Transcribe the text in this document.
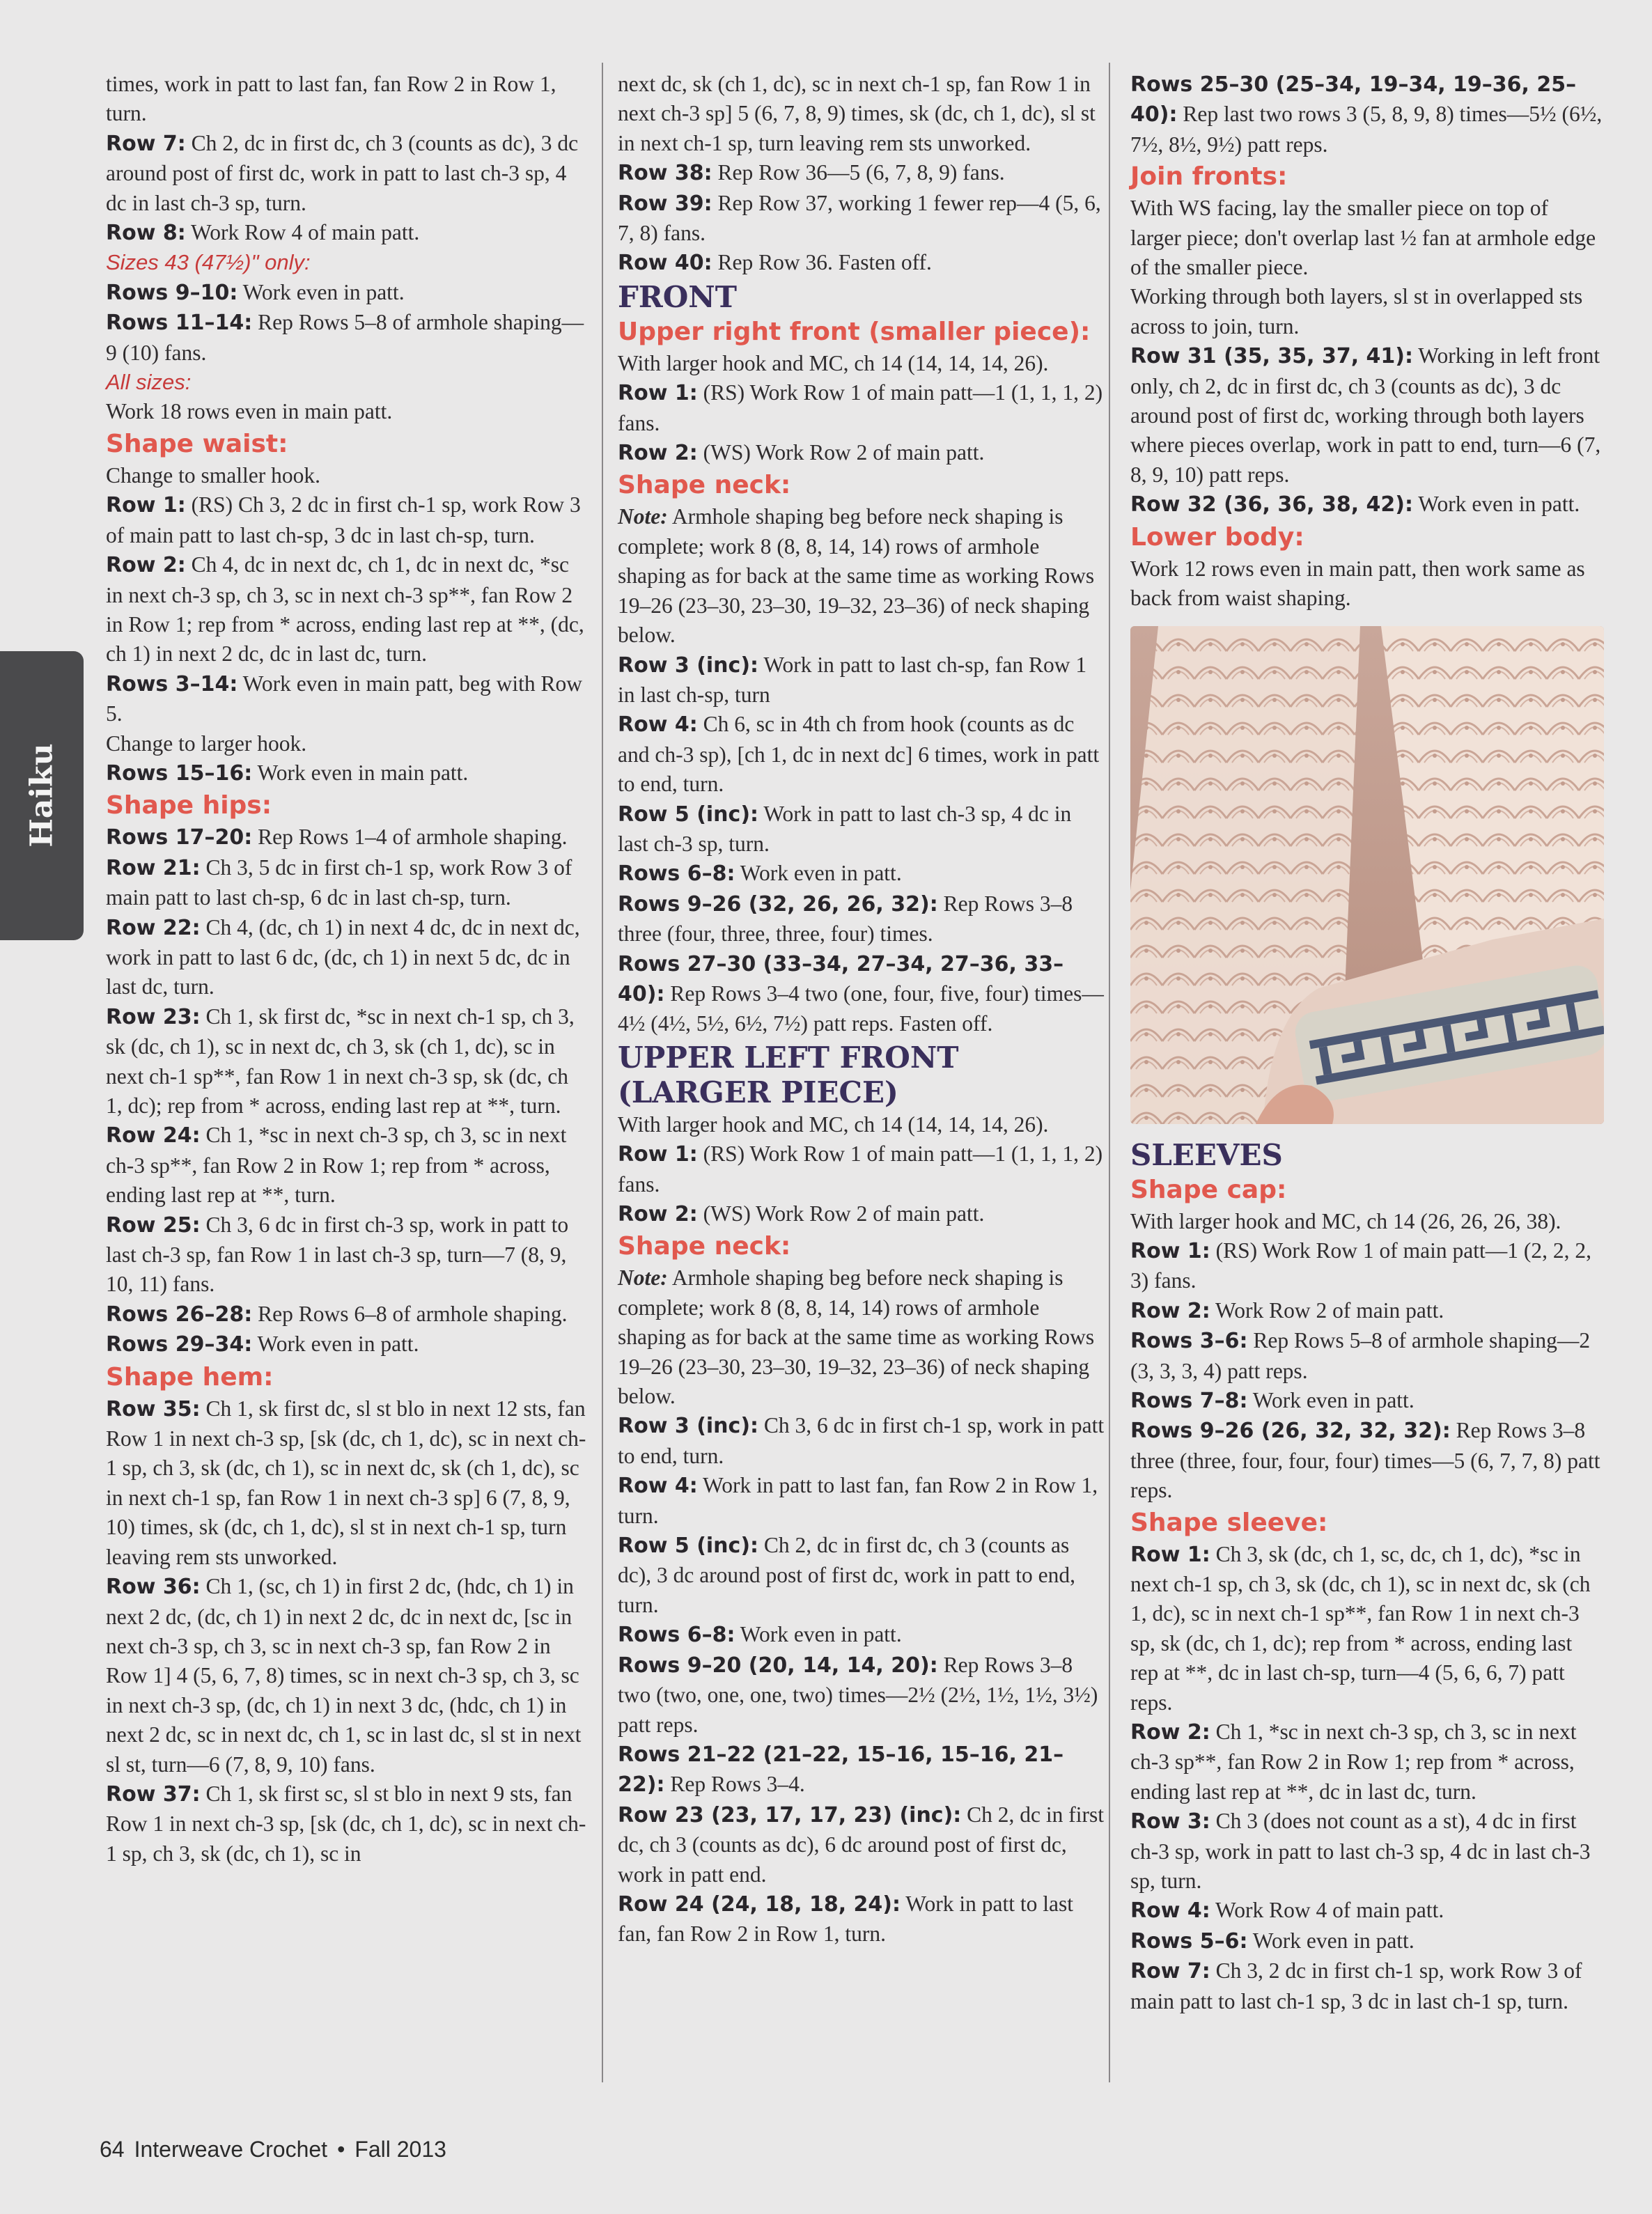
Haiku
times, work in patt to last fan, fan Row 2 in Row 1, turn.
Row 7: Ch 2, dc in first dc, ch 3 (counts as dc), 3 dc around post of first dc, work in patt to last ch-3 sp, 4 dc in last ch-3 sp, turn.
Row 8: Work Row 4 of main patt.
Sizes 43 (47½)" only:
Rows 9–10: Work even in patt.
Rows 11–14: Rep Rows 5–8 of armhole shaping—9 (10) fans.
All sizes:
Work 18 rows even in main patt.
Shape waist:
Change to smaller hook.
Row 1: (RS) Ch 3, 2 dc in first ch-1 sp, work Row 3 of main patt to last ch-sp, 3 dc in last ch-sp, turn.
Row 2: Ch 4, dc in next dc, ch 1, dc in next dc, *sc in next ch-3 sp, ch 3, sc in next ch-3 sp**, fan Row 2 in Row 1; rep from * across, ending last rep at **, (dc, ch 1) in next 2 dc, dc in last dc, turn.
Rows 3–14: Work even in main patt, beg with Row 5.
Change to larger hook.
Rows 15–16: Work even in main patt.
Shape hips:
Rows 17–20: Rep Rows 1–4 of armhole shaping.
Row 21: Ch 3, 5 dc in first ch-1 sp, work Row 3 of main patt to last ch-sp, 6 dc in last ch-sp, turn.
Row 22: Ch 4, (dc, ch 1) in next 4 dc, dc in next dc, work in patt to last 6 dc, (dc, ch 1) in next 5 dc, dc in last dc, turn.
Row 23: Ch 1, sk first dc, *sc in next ch-1 sp, ch 3, sk (dc, ch 1), sc in next dc, ch 3, sk (ch 1, dc), sc in next ch-1 sp**, fan Row 1 in next ch-3 sp, sk (dc, ch 1, dc); rep from * across, ending last rep at **, turn.
Row 24: Ch 1, *sc in next ch-3 sp, ch 3, sc in next ch-3 sp**, fan Row 2 in Row 1; rep from * across, ending last rep at **, turn.
Row 25: Ch 3, 6 dc in first ch-3 sp, work in patt to last ch-3 sp, fan Row 1 in last ch-3 sp, turn—7 (8, 9, 10, 11) fans.
Rows 26–28: Rep Rows 6–8 of armhole shaping.
Rows 29–34: Work even in patt.
Shape hem:
Row 35: Ch 1, sk first dc, sl st blo in next 12 sts, fan Row 1 in next ch-3 sp, [sk (dc, ch 1, dc), sc in next ch-1 sp, ch 3, sk (dc, ch 1), sc in next dc, sk (ch 1, dc), sc in next ch-1 sp, fan Row 1 in next ch-3 sp] 6 (7, 8, 9, 10) times, sk (dc, ch 1, dc), sl st in next ch-1 sp, turn leaving rem sts unworked.
Row 36: Ch 1, (sc, ch 1) in first 2 dc, (hdc, ch 1) in next 2 dc, (dc, ch 1) in next 2 dc, dc in next dc, [sc in next ch-3 sp, ch 3, sc in next ch-3 sp, fan Row 2 in Row 1] 4 (5, 6, 7, 8) times, sc in next ch-3 sp, ch 3, sc in next ch-3 sp, (dc, ch 1) in next 3 dc, (hdc, ch 1) in next 2 dc, sc in next dc, ch 1, sc in last dc, sl st in next sl st, turn—6 (7, 8, 9, 10) fans.
Row 37: Ch 1, sk first sc, sl st blo in next 9 sts, fan Row 1 in next ch-3 sp, [sk (dc, ch 1, dc), sc in next ch-1 sp, ch 3, sk (dc, ch 1), sc in
next dc, sk (ch 1, dc), sc in next ch-1 sp, fan Row 1 in next ch-3 sp] 5 (6, 7, 8, 9) times, sk (dc, ch 1, dc), sl st in next ch-1 sp, turn leaving rem sts unworked.
Row 38: Rep Row 36—5 (6, 7, 8, 9) fans.
Row 39: Rep Row 37, working 1 fewer rep—4 (5, 6, 7, 8) fans.
Row 40: Rep Row 36. Fasten off.
FRONT
Upper right front (smaller piece):
With larger hook and MC, ch 14 (14, 14, 14, 26).
Row 1: (RS) Work Row 1 of main patt—1 (1, 1, 1, 2) fans.
Row 2: (WS) Work Row 2 of main patt.
Shape neck:
Note: Armhole shaping beg before neck shaping is complete; work 8 (8, 8, 14, 14) rows of armhole shaping as for back at the same time as working Rows 19–26 (23–30, 23–30, 19–32, 23–36) of neck shaping below.
Row 3 (inc): Work in patt to last ch-sp, fan Row 1 in last ch-sp, turn
Row 4: Ch 6, sc in 4th ch from hook (counts as dc and ch-3 sp), [ch 1, dc in next dc] 6 times, work in patt to end, turn.
Row 5 (inc): Work in patt to last ch-3 sp, 4 dc in last ch-3 sp, turn.
Rows 6–8: Work even in patt.
Rows 9–26 (32, 26, 26, 32): Rep Rows 3–8 three (four, three, three, four) times.
Rows 27–30 (33–34, 27–34, 27–36, 33–40): Rep Rows 3–4 two (one, four, five, four) times—4½ (4½, 5½, 6½, 7½) patt reps. Fasten off.
UPPER LEFT FRONT (LARGER PIECE)
With larger hook and MC, ch 14 (14, 14, 14, 26).
Row 1: (RS) Work Row 1 of main patt—1 (1, 1, 1, 2) fans.
Row 2: (WS) Work Row 2 of main patt.
Shape neck:
Note: Armhole shaping beg before neck shaping is complete; work 8 (8, 8, 14, 14) rows of armhole shaping as for back at the same time as working Rows 19–26 (23–30, 23–30, 19–32, 23–36) of neck shaping below.
Row 3 (inc): Ch 3, 6 dc in first ch-1 sp, work in patt to end, turn.
Row 4: Work in patt to last fan, fan Row 2 in Row 1, turn.
Row 5 (inc): Ch 2, dc in first dc, ch 3 (counts as dc), 3 dc around post of first dc, work in patt to end, turn.
Rows 6–8: Work even in patt.
Rows 9–20 (20, 14, 14, 20): Rep Rows 3–8 two (two, one, one, two) times—2½ (2½, 1½, 1½, 3½) patt reps.
Rows 21–22 (21–22, 15–16, 15–16, 21–22): Rep Rows 3–4.
Row 23 (23, 17, 17, 23) (inc): Ch 2, dc in first dc, ch 3 (counts as dc), 6 dc around post of first dc, work in patt end.
Row 24 (24, 18, 18, 24): Work in patt to last fan, fan Row 2 in Row 1, turn.
Rows 25–30 (25–34, 19–34, 19–36, 25–40): Rep last two rows 3 (5, 8, 9, 8) times—5½ (6½, 7½, 8½, 9½) patt reps.
Join fronts:
With WS facing, lay the smaller piece on top of larger piece; don't overlap last ½ fan at armhole edge of the smaller piece.
Working through both layers, sl st in overlapped sts across to join, turn.
Row 31 (35, 35, 37, 41): Working in left front only, ch 2, dc in first dc, ch 3 (counts as dc), 3 dc around post of first dc, working through both layers where pieces overlap, work in patt to end, turn—6 (7, 8, 9, 10) patt reps.
Row 32 (36, 36, 38, 42): Work even in patt.
Lower body:
Work 12 rows even in main patt, then work same as back from waist shaping.
SLEEVES
Shape cap:
With larger hook and MC, ch 14 (26, 26, 26, 38).
Row 1: (RS) Work Row 1 of main patt—1 (2, 2, 2, 3) fans.
Row 2: Work Row 2 of main patt.
Rows 3–6: Rep Rows 5–8 of armhole shaping—2 (3, 3, 3, 4) patt reps.
Rows 7–8: Work even in patt.
Rows 9–26 (26, 32, 32, 32): Rep Rows 3–8 three (three, four, four, four) times—5 (6, 7, 7, 8) patt reps.
Shape sleeve:
Row 1: Ch 3, sk (dc, ch 1, sc, dc, ch 1, dc), *sc in next ch-1 sp, ch 3, sk (dc, ch 1), sc in next dc, sk (ch 1, dc), sc in next ch-1 sp**, fan Row 1 in next ch-3 sp, sk (dc, ch 1, dc); rep from * across, ending last rep at **, dc in last ch-sp, turn—4 (5, 6, 6, 7) patt reps.
Row 2: Ch 1, *sc in next ch-3 sp, ch 3, sc in next ch-3 sp**, fan Row 2 in Row 1; rep from * across, ending last rep at **, dc in last dc, turn.
Row 3: Ch 3 (does not count as a st), 4 dc in first ch-3 sp, work in patt to last ch-3 sp, 4 dc in last ch-3 sp, turn.
Row 4: Work Row 4 of main patt.
Rows 5–6: Work even in patt.
Row 7: Ch 3, 2 dc in first ch-1 sp, work Row 3 of main patt to last ch-1 sp, 3 dc in last ch-1 sp, turn.
64 Interweave Crochet • Fall 2013
